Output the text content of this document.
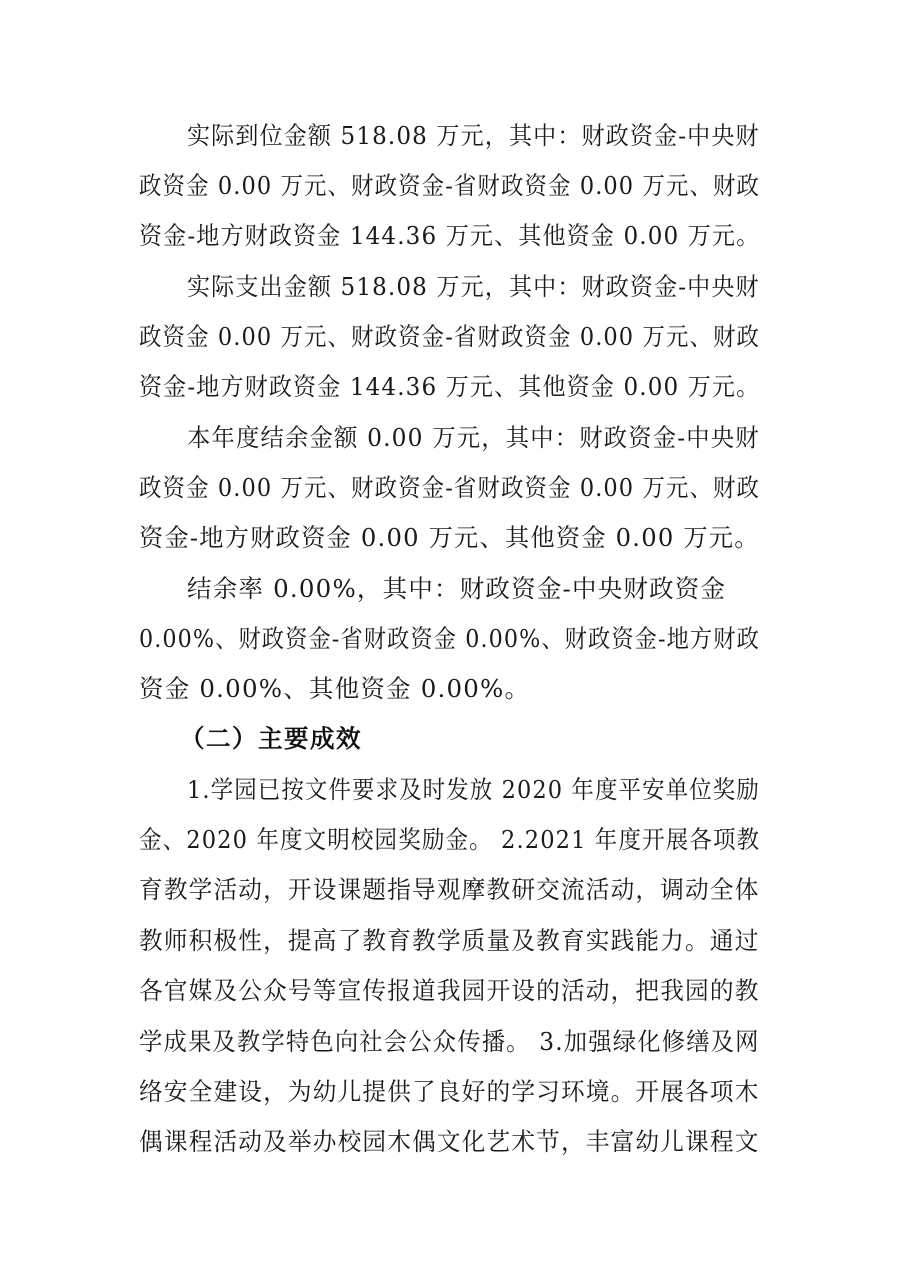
实际到位金额 518.08 万元，其中：财政资金-中央财
政资金 0.00 万元、财政资金-省财政资金 0.00 万元、财政
资金-地方财政资金 144.36 万元、其他资金 0.00 万元。
实际支出金额 518.08 万元，其中：财政资金-中央财
政资金 0.00 万元、财政资金-省财政资金 0.00 万元、财政
资金-地方财政资金 144.36 万元、其他资金 0.00 万元。
本年度结余金额 0.00 万元，其中：财政资金-中央财
政资金 0.00 万元、财政资金-省财政资金 0.00 万元、财政
资金-地方财政资金 0.00 万元、其他资金 0.00 万元。
结余率 0.00%，其中：财政资金-中央财政资金
0.00%、财政资金-省财政资金 0.00%、财政资金-地方财政
资金 0.00%、其他资金 0.00%。
（二）主要成效
1.学园已按文件要求及时发放 2020 年度平安单位奖励
金、2020 年度文明校园奖励金。 2.2021 年度开展各项教
育教学活动，开设课题指导观摩教研交流活动，调动全体
教师积极性，提高了教育教学质量及教育实践能力。通过
各官媒及公众号等宣传报道我园开设的活动，把我园的教
学成果及教学特色向社会公众传播。 3.加强绿化修缮及网
络安全建设，为幼儿提供了良好的学习环境。开展各项木
偶课程活动及举办校园木偶文化艺术节，丰富幼儿课程文
